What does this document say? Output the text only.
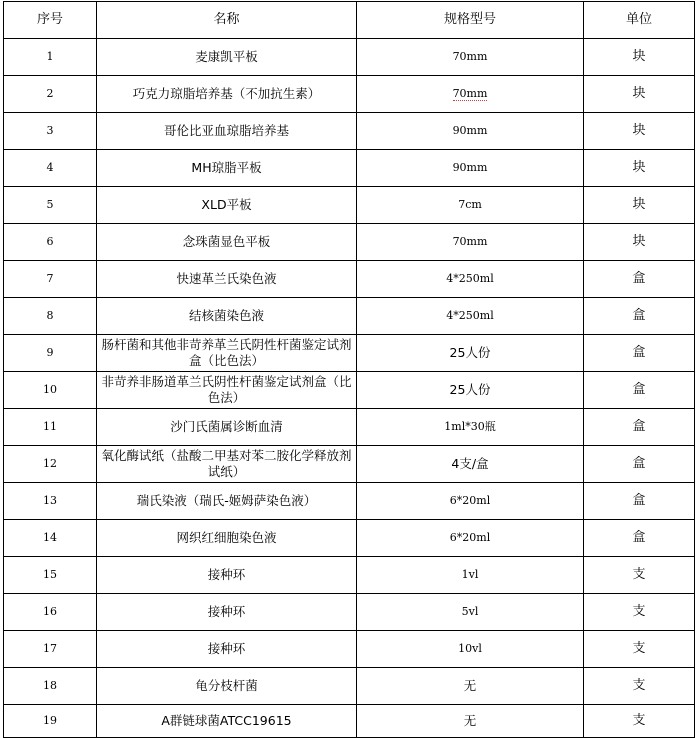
序号	名称	规格型号	单位
1	麦康凯平板	70mm	块
2	巧克力琼脂培养基（不加抗生素）	70mm	块
3	哥伦比亚血琼脂培养基	90mm	块
4	MH琼脂平板	90mm	块
5	XLD平板	7cm	块
6	念珠菌显色平板	70mm	块
7	快速革兰氏染色液	4*250ml	盒
8	结核菌染色液	4*250ml	盒
9	肠杆菌和其他非苛养革兰氏阴性杆菌鉴定试剂盒（比色法）	25人份	盒
10	非苛养非肠道革兰氏阴性杆菌鉴定试剂盒（比色法）	25人份	盒
11	沙门氏菌属诊断血清	1ml*30瓶	盒
12	氧化酶试纸（盐酸二甲基对苯二胺化学释放剂试纸）	4支/盒	盒
13	瑞氏染液（瑞氏-姬姆萨染色液）	6*20ml	盒
14	网织红细胞染色液	6*20ml	盒
15	接种环	1vl	支
16	接种环	5vl	支
17	接种环	10vl	支
18	龟分枝杆菌	无	支
19	A群链球菌ATCC19615	无	支
